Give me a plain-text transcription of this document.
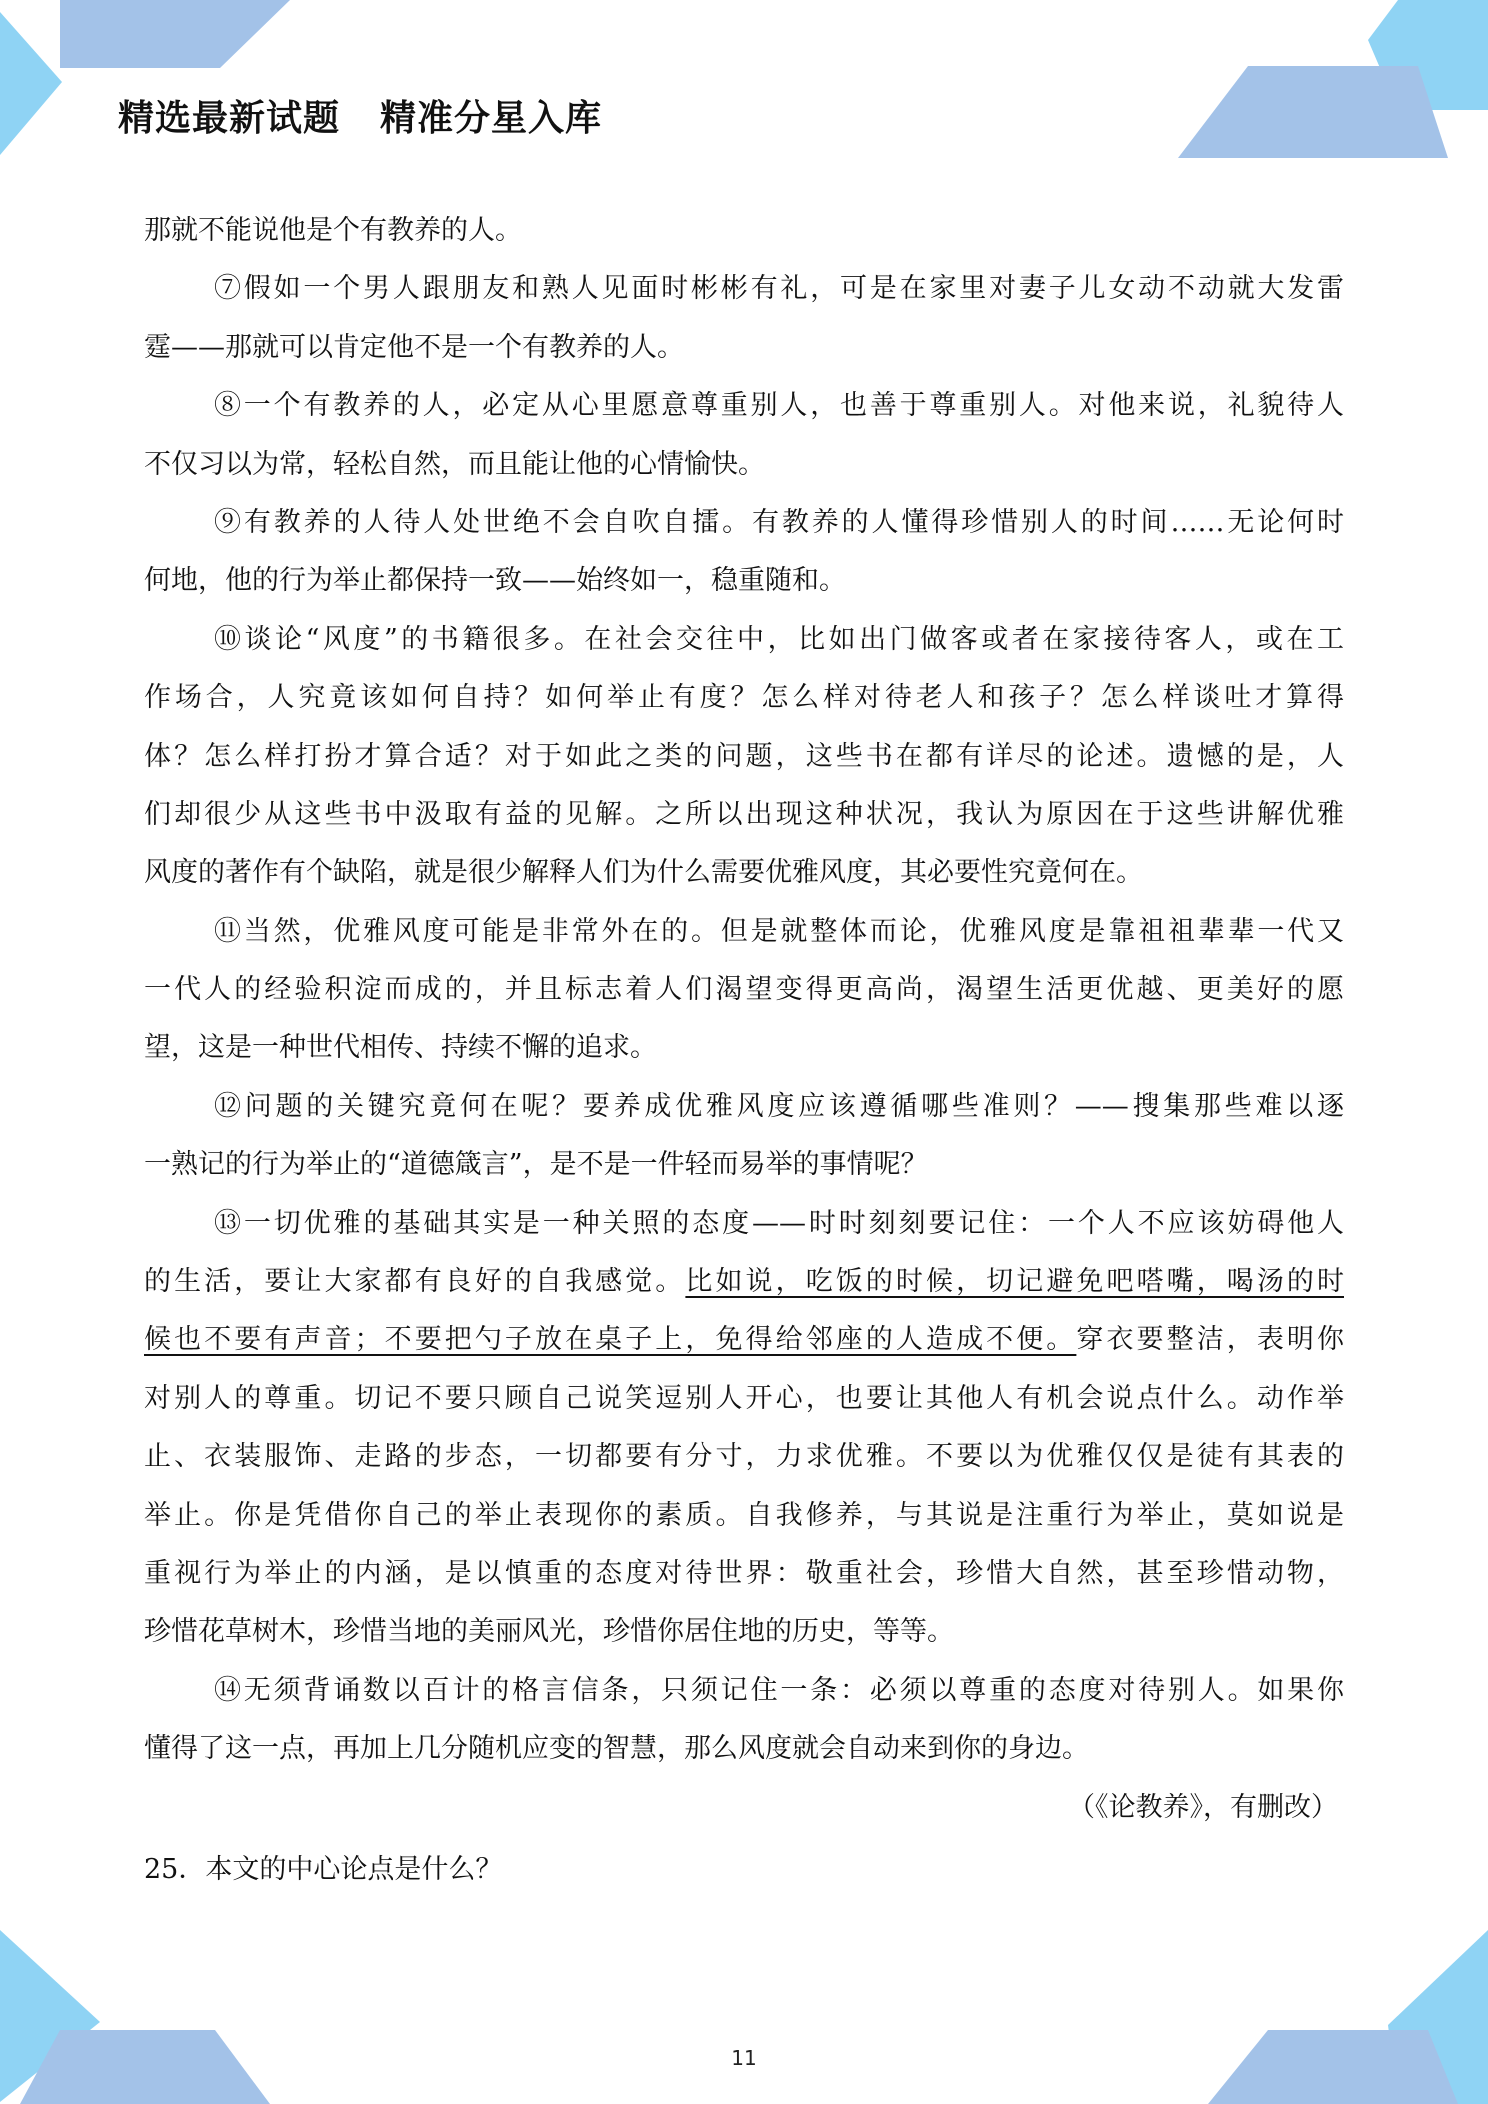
精选最新试题 精准分星入库
那就不能说他是个有教养的人。
⑦假如一个男人跟朋友和熟人见面时彬彬有礼，可是在家里对妻子儿女动不动就大发雷
霆——那就可以肯定他不是一个有教养的人。
⑧一个有教养的人，必定从心里愿意尊重别人，也善于尊重别人。对他来说，礼貌待人
不仅习以为常，轻松自然，而且能让他的心情愉快。
⑨有教养的人待人处世绝不会自吹自擂。有教养的人懂得珍惜别人的时间……无论何时
何地，他的行为举止都保持一致——始终如一，稳重随和。
⑩谈论“风度”的书籍很多。在社会交往中，比如出门做客或者在家接待客人，或在工
作场合，人究竟该如何自持？如何举止有度？怎么样对待老人和孩子？怎么样谈吐才算得
体？怎么样打扮才算合适？对于如此之类的问题，这些书在都有详尽的论述。遗憾的是，人
们却很少从这些书中汲取有益的见解。之所以出现这种状况，我认为原因在于这些讲解优雅
风度的著作有个缺陷，就是很少解释人们为什么需要优雅风度，其必要性究竟何在。
⑪当然，优雅风度可能是非常外在的。但是就整体而论，优雅风度是靠祖祖辈辈一代又
一代人的经验积淀而成的，并且标志着人们渴望变得更高尚，渴望生活更优越、更美好的愿
望，这是一种世代相传、持续不懈的追求。
⑫问题的关键究竟何在呢？要养成优雅风度应该遵循哪些准则？——搜集那些难以逐
一熟记的行为举止的“道德箴言”，是不是一件轻而易举的事情呢？
⑬一切优雅的基础其实是一种关照的态度——时时刻刻要记住：一个人不应该妨碍他人
的生活，要让大家都有良好的自我感觉。比如说，吃饭的时候，切记避免吧嗒嘴，喝汤的时
候也不要有声音；不要把勺子放在桌子上，免得给邻座的人造成不便。穿衣要整洁，表明你
对别人的尊重。切记不要只顾自己说笑逗别人开心，也要让其他人有机会说点什么。动作举
止、衣装服饰、走路的步态，一切都要有分寸，力求优雅。不要以为优雅仅仅是徒有其表的
举止。你是凭借你自己的举止表现你的素质。自我修养，与其说是注重行为举止，莫如说是
重视行为举止的内涵，是以慎重的态度对待世界：敬重社会，珍惜大自然，甚至珍惜动物，
珍惜花草树木，珍惜当地的美丽风光，珍惜你居住地的历史，等等。
⑭无须背诵数以百计的格言信条，只须记住一条：必须以尊重的态度对待别人。如果你
懂得了这一点，再加上几分随机应变的智慧，那么风度就会自动来到你的身边。
（《论教养》，有删改）
25．本文的中心论点是什么？
11
